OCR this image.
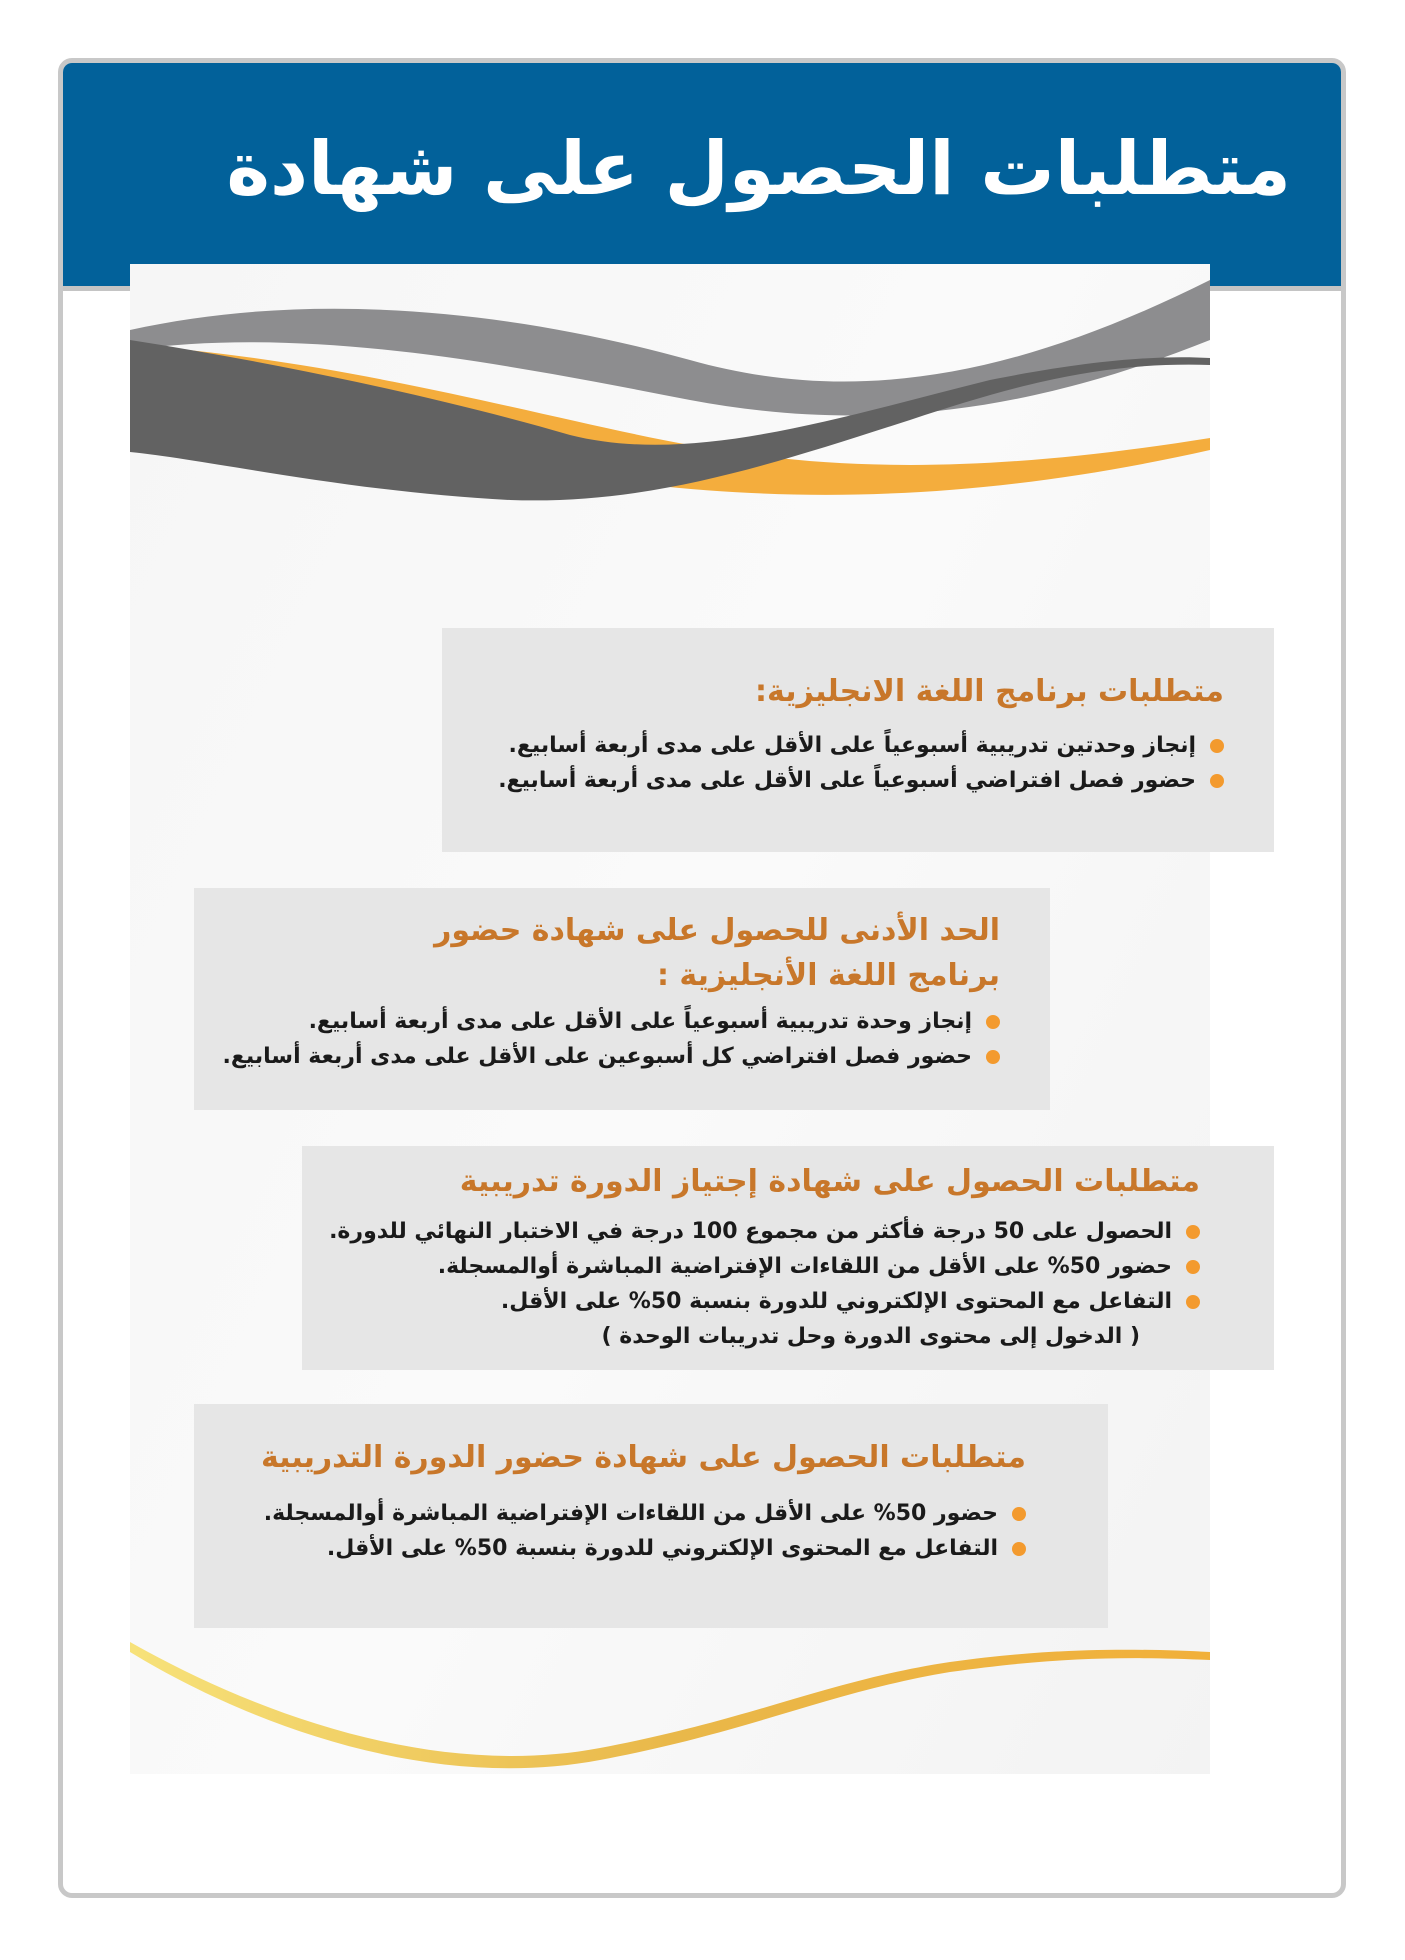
متطلبات الحصول على شهادة
متطلبات برنامج اللغة الانجليزية:
إنجاز وحدتين تدريبية أسبوعياً على الأقل على مدى أربعة أسابيع.
حضور فصل افتراضي أسبوعياً على الأقل على مدى أربعة أسابيع.
الحد الأدنى للحصول على شهادة حضور
برنامج اللغة الأنجليزية :
إنجاز وحدة تدريبية أسبوعياً على الأقل على مدى أربعة أسابيع.
حضور فصل افتراضي كل أسبوعين على الأقل على مدى أربعة أسابيع.
متطلبات الحصول على شهادة إجتياز الدورة تدريبية
الحصول على 50 درجة فأكثر من مجموع 100 درجة في الاختبار النهائي للدورة.
حضور 50% على الأقل من اللقاءات الإفتراضية المباشرة أوالمسجلة.
التفاعل مع المحتوى الإلكتروني للدورة بنسبة 50% على الأقل.
( الدخول إلى محتوى الدورة وحل تدريبات الوحدة )
متطلبات الحصول على شهادة حضور الدورة التدريبية
حضور 50% على الأقل من اللقاءات الإفتراضية المباشرة أوالمسجلة.
التفاعل مع المحتوى الإلكتروني للدورة بنسبة 50% على الأقل.
